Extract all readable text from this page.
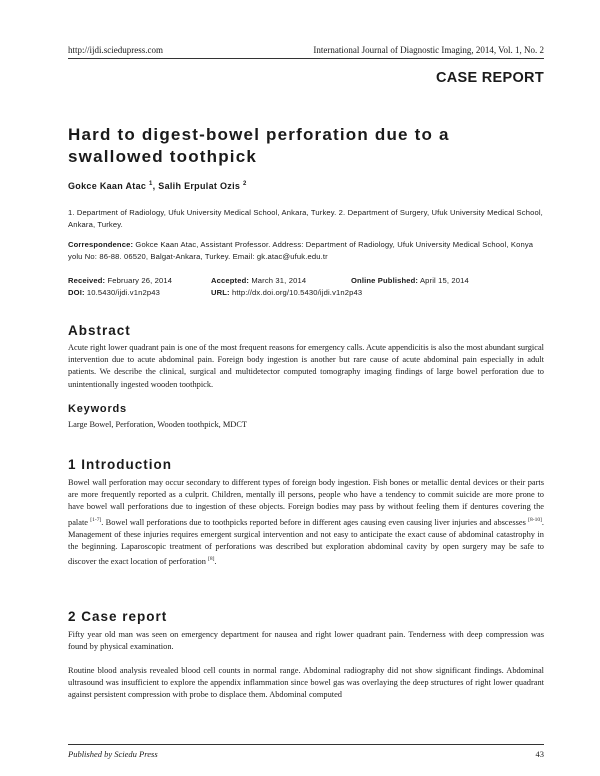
http://ijdi.sciedupress.com	International Journal of Diagnostic Imaging, 2014, Vol. 1, No. 2
CASE REPORT
Hard to digest-bowel perforation due to a swallowed toothpick
Gokce Kaan Atac $^1$, Salih Erpulat Ozis $^2$
1. Department of Radiology, Ufuk University Medical School, Ankara, Turkey. 2. Department of Surgery, Ufuk University Medical School, Ankara, Turkey.
Correspondence: Gokce Kaan Atac, Assistant Professor. Address: Department of Radiology, Ufuk University Medical School, Konya yolu No: 86-88. 06520, Balgat-Ankara, Turkey. Email: gk.atac@ufuk.edu.tr
Received: February 26, 2014	Accepted: March 31, 2014	Online Published: April 15, 2014
DOI: 10.5430/ijdi.v1n2p43	URL: http://dx.doi.org/10.5430/ijdi.v1n2p43
Abstract
Acute right lower quadrant pain is one of the most frequent reasons for emergency calls. Acute appendicitis is also the most abundant surgical intervention due to acute abdominal pain. Foreign body ingestion is another but rare cause of acute abdominal pain especially in adult patients. We describe the clinical, surgical and multidetector computed tomography imaging findings of large bowel perforation due to unintentionally ingested wooden toothpick.
Keywords
Large Bowel, Perforation, Wooden toothpick, MDCT
1 Introduction
Bowel wall perforation may occur secondary to different types of foreign body ingestion. Fish bones or metallic dental devices or their parts are more frequently reported as a culprit. Children, mentally ill persons, people who have a tendency to commit suicide are more prone to have bowel wall perforations due to ingestion of these objects. Foreign bodies may pass by without feeling them if dentures covering the palate [1-7]. Bowel wall perforations due to toothpicks reported before in different ages causing even causing liver injuries and abscesses [8-10]. Management of these injuries requires emergent surgical intervention and not easy to anticipate the exact cause of abdominal catastrophy in the beginning. Laparoscopic treatment of perforations was described but exploration abdominal cavity by open surgery may be safe to discover the exact location of perforation [8].
2 Case report
Fifty year old man was seen on emergency department for nausea and right lower quadrant pain. Tenderness with deep compression was found by physical examination.
Routine blood analysis revealed blood cell counts in normal range. Abdominal radiography did not show significant findings. Abdominal ultrasound was insufficient to explore the appendix inflammation since bowel gas was overlaying the deep structures of right lower quadrant against persistent compression with probe to displace them. Abdominal computed
Published by Sciedu Press	43
